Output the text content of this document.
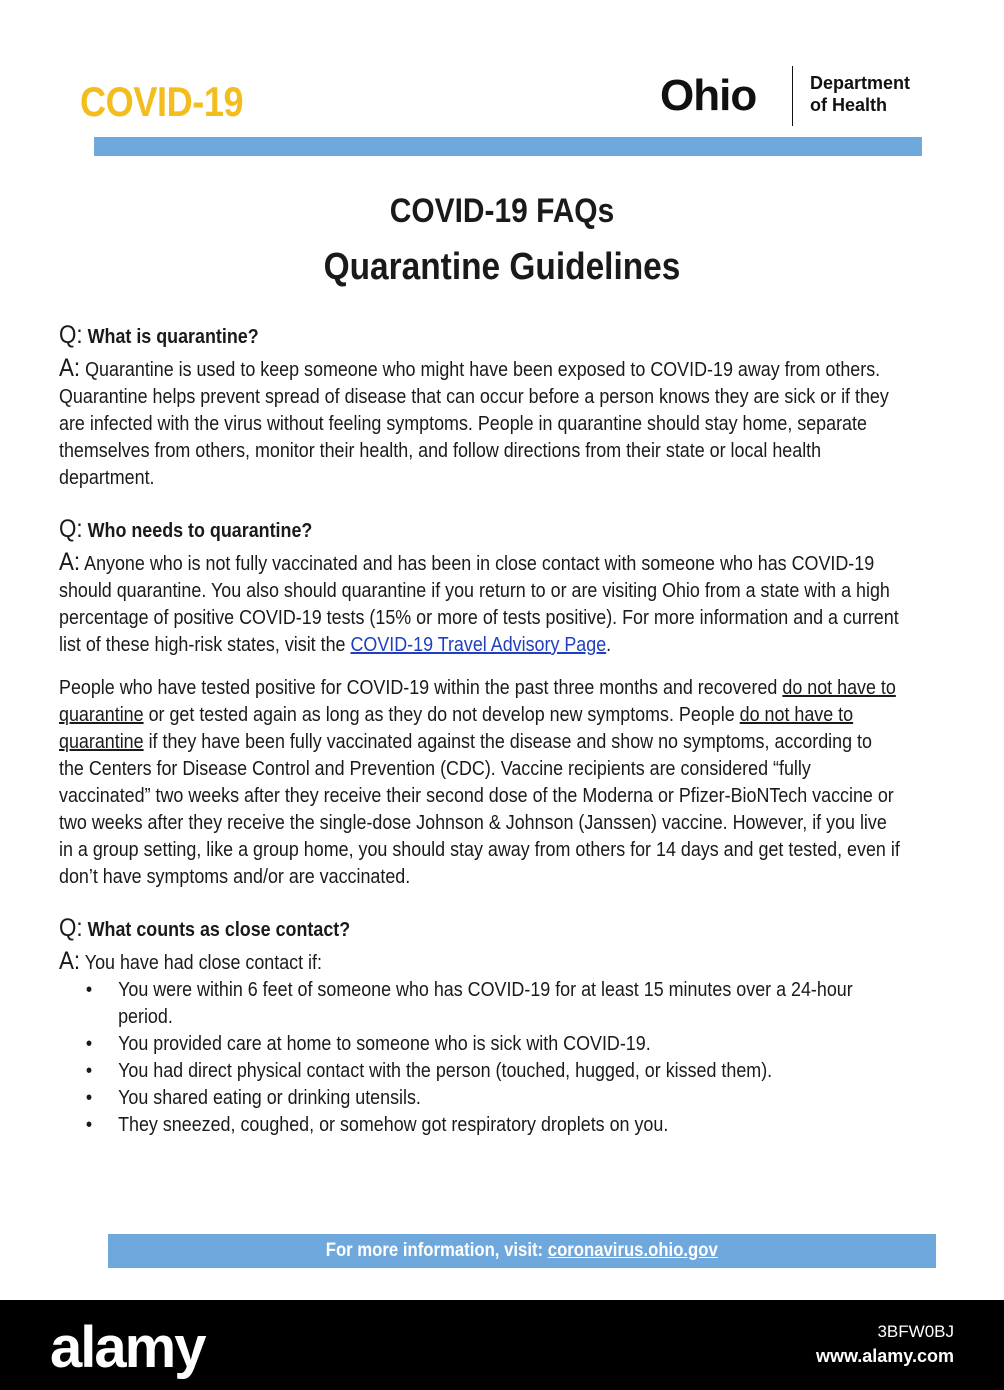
COVID-19	Ohio	Department
of Health
COVID-19 FAQs
Quarantine Guidelines
Q: What is quarantine?
A: Quarantine is used to keep someone who might have been exposed to COVID-19 away from others.
Quarantine helps prevent spread of disease that can occur before a person knows they are sick or if they
are infected with the virus without feeling symptoms. People in quarantine should stay home, separate
themselves from others, monitor their health, and follow directions from their state or local health
department.
Q: Who needs to quarantine?
A: Anyone who is not fully vaccinated and has been in close contact with someone who has COVID-19
should quarantine. You also should quarantine if you return to or are visiting Ohio from a state with a high
percentage of positive COVID-19 tests (15% or more of tests positive). For more information and a current
list of these high-risk states, visit the COVID-19 Travel Advisory Page.
People who have tested positive for COVID-19 within the past three months and recovered do not have to
quarantine or get tested again as long as they do not develop new symptoms. People do not have to
quarantine if they have been fully vaccinated against the disease and show no symptoms, according to
the Centers for Disease Control and Prevention (CDC). Vaccine recipients are considered “fully
vaccinated” two weeks after they receive their second dose of the Moderna or Pfizer-BioNTech vaccine or
two weeks after they receive the single-dose Johnson & Johnson (Janssen) vaccine. However, if you live
in a group setting, like a group home, you should stay away from others for 14 days and get tested, even if
don’t have symptoms and/or are vaccinated.
Q: What counts as close contact?
A: You have had close contact if:
• You were within 6 feet of someone who has COVID-19 for at least 15 minutes over a 24-hour
period.
• You provided care at home to someone who is sick with COVID-19.
• You had direct physical contact with the person (touched, hugged, or kissed them).
• You shared eating or drinking utensils.
• They sneezed, coughed, or somehow got respiratory droplets on you.
For more information, visit: coronavirus.ohio.gov
alamy	3BFW0BJ
www.alamy.com
